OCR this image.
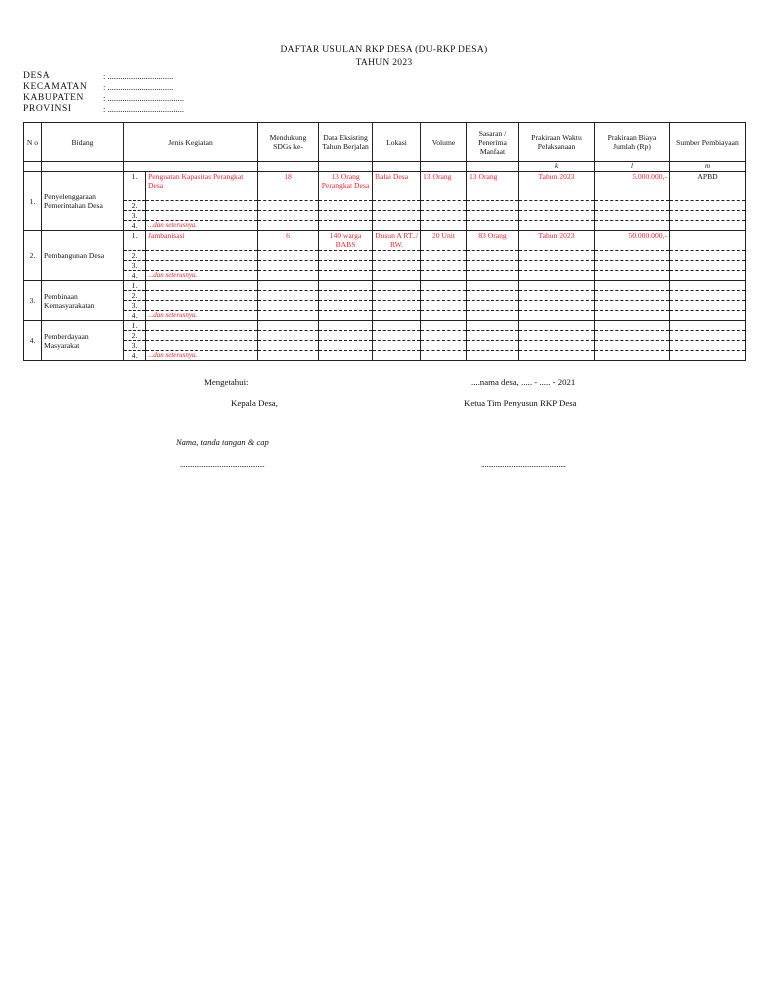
DAFTAR USULAN RKP DESA (DU-RKP DESA)
TAHUN 2023
DESA	: ...............................
KECAMATAN	: ...............................
KABUPATEN	: ....................................
PROVINSI	: ....................................
N o	Bidang	Jenis Kegiatan		Mendukung SDGs ke-	Data Eksisting Tahun Berjalan	Lokasi	Volume	Sasaran / Penerima Manfaat	Prakiraan Waktu Pelaksanaan	Prakiraan Biaya Jumlah (Rp)	Sumber Pembiayaan
									k	l	m
1.	Penyelenggaraan Pemerintahan Desa	1.	Penguatan Kapasitas Perangkat Desa	18	13 Orang Perangkat Desa	Balai Desa	13 Orang	13 Orang	Tahun 2023	5.000.000,-	APBD
		2.									
		3.									
		4.	...dan seterusnya.								
2.	Pembangunan Desa	1.	Jambanisasi	6	140 warga BABS	Dusun A RT../ RW.	20 Unit	83 Orang	Tahun 2023	50.000.000,-	
		2.									
		3.									
		4.	...dan seterusnya.								
3.	Pembinaan Kemasyarakatan	1.									
		2.									
		3.									
		4.	...dan seterusnya.								
4.	Pemberdayaan Masyarakat	1.									
		2.									
		3.									
		4.	...dan seterusnya.								
Mengetahui:	....nama desa, ..... - ..... - 2021
Kepala Desa,	Ketua Tim Penyusun RKP Desa
Nama, tanda tangan & cap
...............................................	...............................................
